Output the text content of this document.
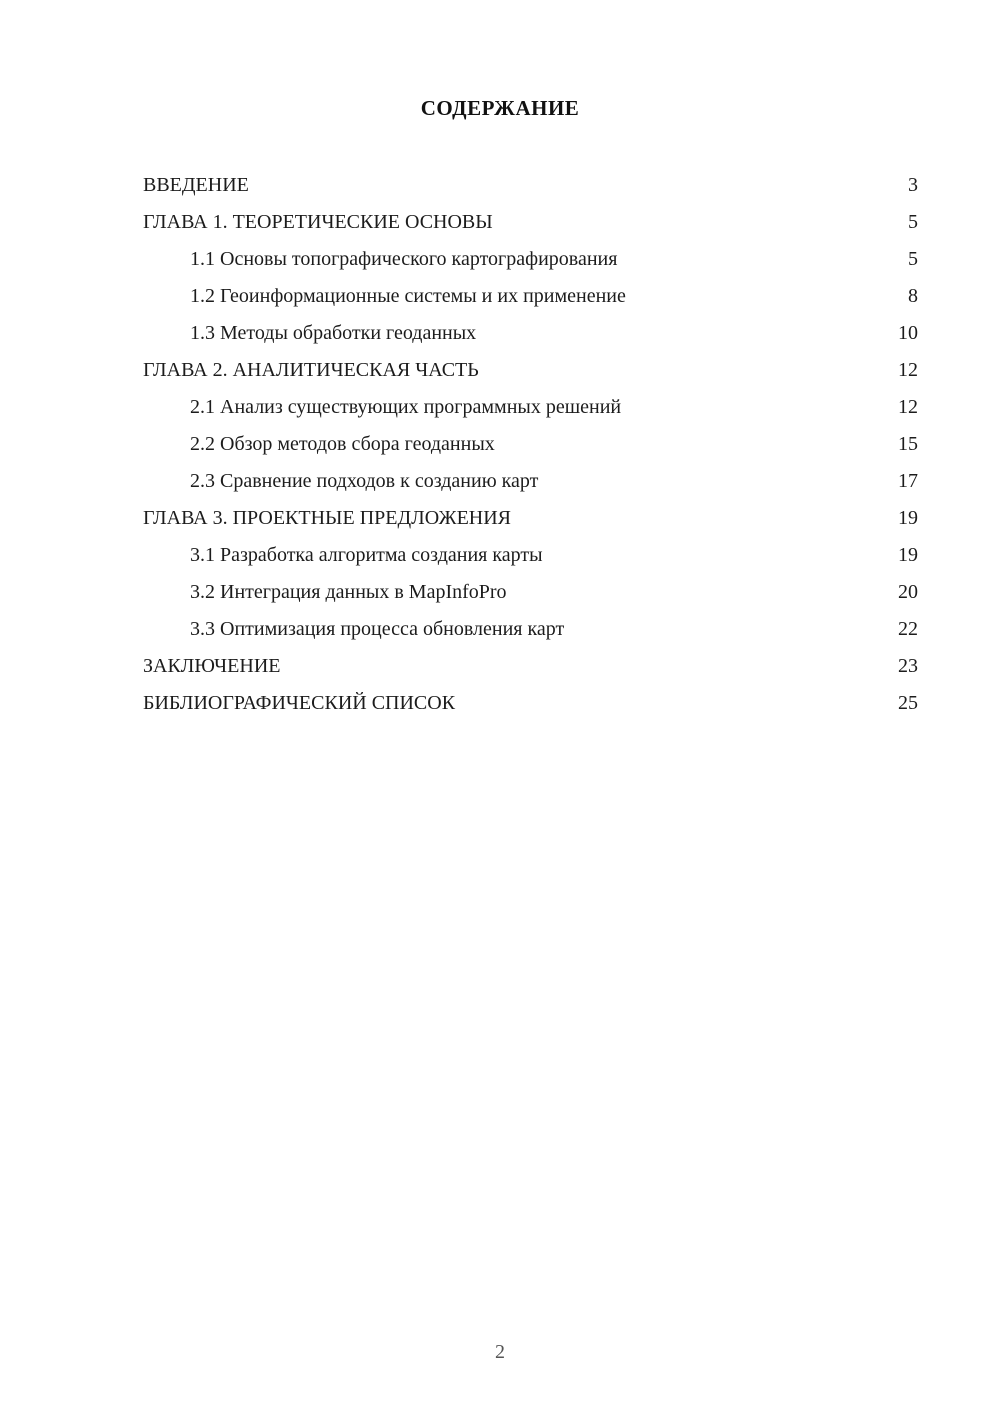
СОДЕРЖАНИЕ
ВВЕДЕНИЕ	3
ГЛАВА 1. ТЕОРЕТИЧЕСКИЕ ОСНОВЫ	5
1.1 Основы топографического картографирования	5
1.2 Геоинформационные системы и их применение	8
1.3 Методы обработки геоданных	10
ГЛАВА 2. АНАЛИТИЧЕСКАЯ ЧАСТЬ	12
2.1 Анализ существующих программных решений	12
2.2 Обзор методов сбора геоданных	15
2.3 Сравнение подходов к созданию карт	17
ГЛАВА 3. ПРОЕКТНЫЕ ПРЕДЛОЖЕНИЯ	19
3.1 Разработка алгоритма создания карты	19
3.2 Интеграция данных в MapInfoPro	20
3.3 Оптимизация процесса обновления карт	22
ЗАКЛЮЧЕНИЕ	23
БИБЛИОГРАФИЧЕСКИЙ СПИСОК	25
2
